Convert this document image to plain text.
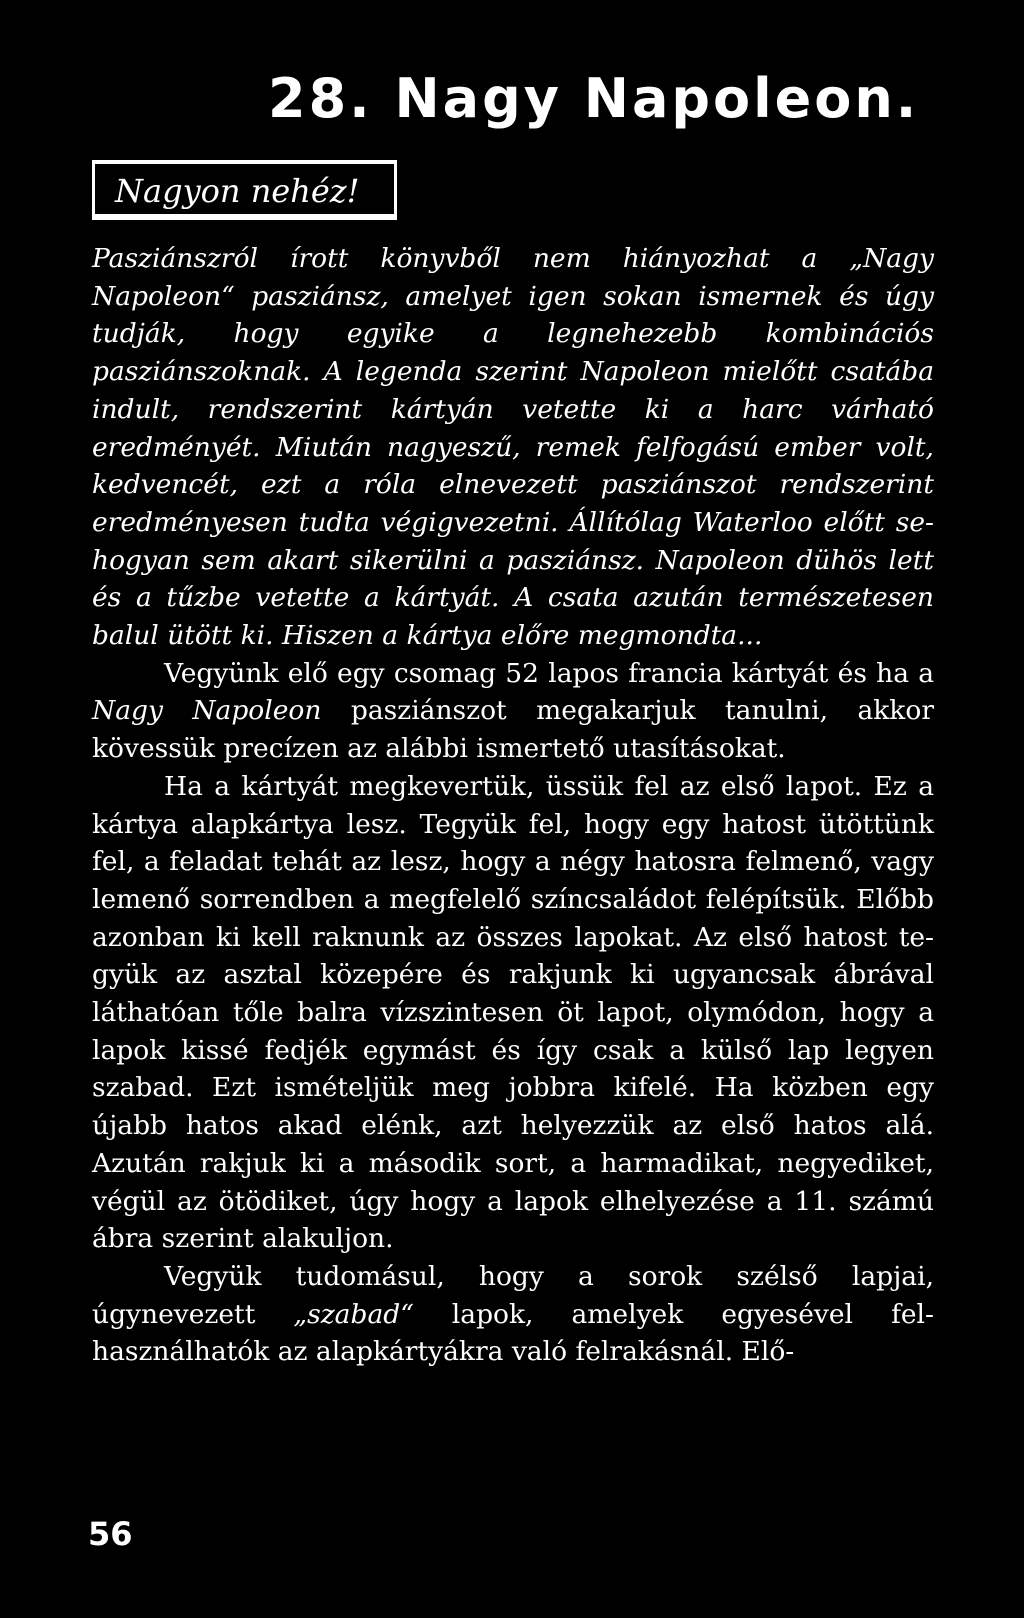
28. Nagy Napoleon.
Nagyon nehéz!

Pasziánszról írott könyvből nem hiányozhat a „Nagy Napoleon“ pasziánsz, amelyet igen sokan ismernek és úgy tudják, hogy egyike a legnehezebb kombinációs pasziánszoknak. A legenda szerint Napoleon mielőtt csatába indult, rendszerint kártyán vetette ki a harc várható eredményét. Miután nagyeszű, remek felfogású ember volt, kedvencét, ezt a róla elnevezett pasziánszot rendszerint eredményesen tudta végigvezetni. Állítólag Waterloo előtt sehogyan sem akart sikerülni a pasziánsz. Napoleon dühös lett és a tűzbe vetette a kártyát. A csata azután természetesen balul ütött ki. Hiszen a kártya előre megmondta...

Vegyünk elő egy csomag 52 lapos francia kártyát és ha a Nagy Napoleon pasziánszot megakarjuk tanulni, akkor kövessük precízen az alábbi ismertető utasításokat.

Ha a kártyát megkevertük, üssük fel az első lapot. Ez a kártya alapkártya lesz. Tegyük fel, hogy egy hatost ütöttünk fel, a feladat tehát az lesz, hogy a négy hatosra felmenő, vagy lemenő sorrendben a megfelelő színcsaládot felépítsük. Előbb azonban ki kell raknunk az összes lapokat. Az első hatost tegyük az asztal közepére és rakjunk ki ugyancsak ábrával láthatóan tőle balra vízszintesen öt lapot, olymódon, hogy a lapok kissé fedjék egymást és így csak a külső lap legyen szabad. Ezt ismételjük meg jobbra kifelé. Ha közben egy újabb hatos akad elénk, azt helyezzük az első hatos alá. Azután rakjuk ki a második sort, a harmadikat, negyediket, végül az ötödiket, úgy hogy a lapok elhelyezése a 11. számú ábra szerint alakuljon.

Vegyük tudomásul, hogy a sorok szélső lapjai, úgynevezett „szabad“ lapok, amelyek egyesével felhasználhatók az alapkártyákra való felrakásnál. Elő-

56
